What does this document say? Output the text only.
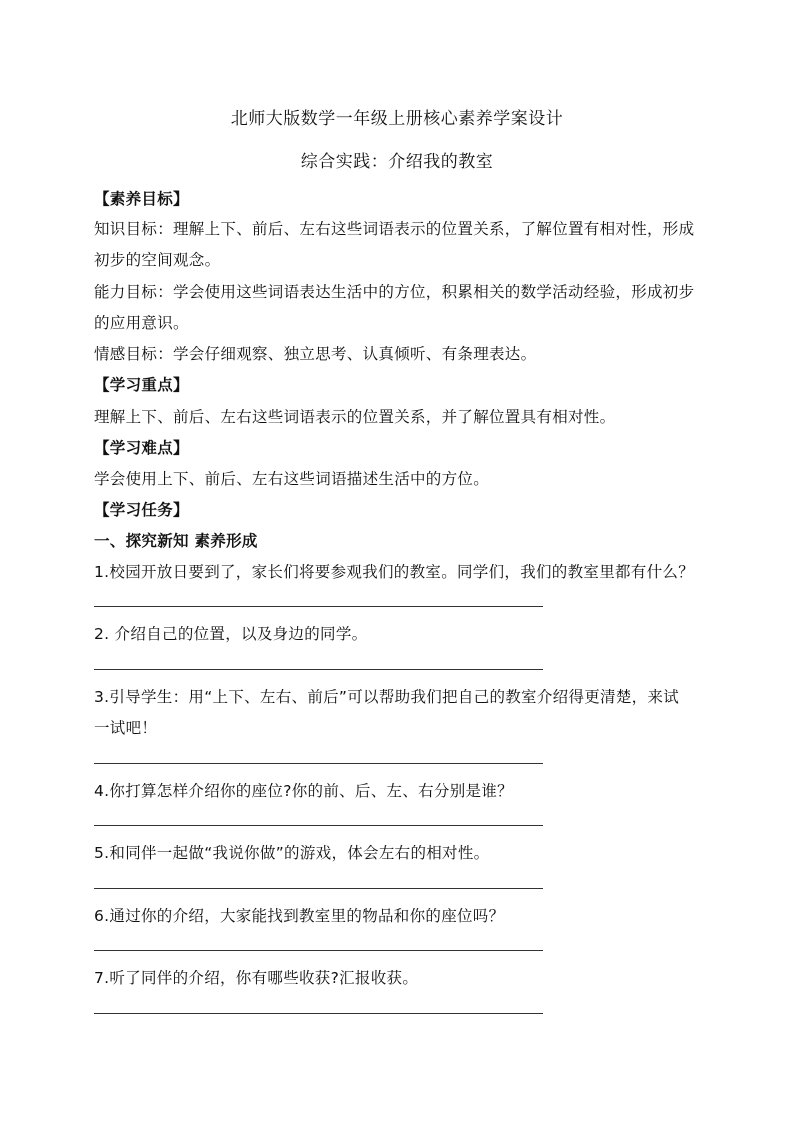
北师大版数学一年级上册核心素养学案设计
综合实践：介绍我的教室
【素养目标】
知识目标：理解上下、前后、左右这些词语表示的位置关系，了解位置有相对性，形成
初步的空间观念。
能力目标：学会使用这些词语表达生活中的方位，积累相关的数学活动经验，形成初步
的应用意识。
情感目标：学会仔细观察、独立思考、认真倾听、有条理表达。
【学习重点】
理解上下、前后、左右这些词语表示的位置关系，并了解位置具有相对性。
【学习难点】
学会使用上下、前后、左右这些词语描述生活中的方位。
【学习任务】
一、探究新知 素养形成
1.校园开放日要到了，家长们将要参观我们的教室。同学们，我们的教室里都有什么？
2. 介绍自己的位置，以及身边的同学。
3.引导学生：用“上下、左右、前后”可以帮助我们把自己的教室介绍得更清楚，来试
一试吧！
4.你打算怎样介绍你的座位?你的前、后、左、右分别是谁？
5.和同伴一起做“我说你做”的游戏，体会左右的相对性。
6.通过你的介绍，大家能找到教室里的物品和你的座位吗？
7.听了同伴的介绍，你有哪些收获?汇报收获。
